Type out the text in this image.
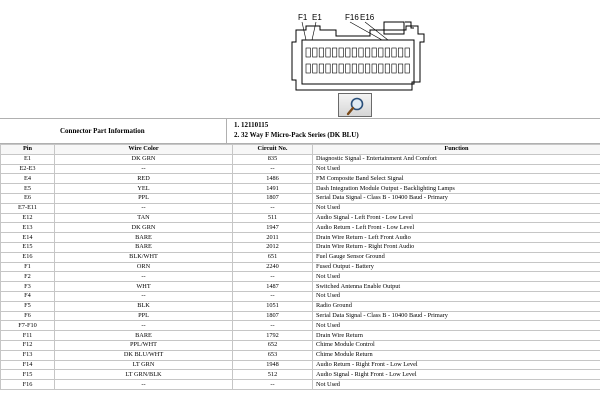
F1 E1	F16 E16
Connector Part Information
1. 12110115
2. 32 Way F Micro-Pack Series (DK BLU)
Pin	Wire Color	Circuit No.	Function
E1	DK GRN	835	Diagnostic Signal - Entertainment And Comfort
E2-E3	--	--	Not Used
E4	RED	1486	FM Composite Band Select Signal
E5	YEL	1491	Dash Integration Module Output - Backlighting Lamps
E6	PPL	1807	Serial Data Signal - Class B - 10400 Baud - Primary
E7-E11	--	--	Not Used
E12	TAN	511	Audio Signal - Left Front - Low Level
E13	DK GRN	1947	Audio Return - Left Front - Low Level
E14	BARE	2011	Drain Wire Return - Left Front Audio
E15	BARE	2012	Drain Wire Return - Right Front Audio
E16	BLK/WHT	651	Fuel Gauge Sensor Ground
F1	ORN	2240	Fused Output - Battery
F2	--	--	Not Used
F3	WHT	1487	Switched Antenna Enable Output
F4	--	--	Not Used
F5	BLK	1051	Radio Ground
F6	PPL	1807	Serial Data Signal - Class B - 10400 Baud - Primary
F7-F10	--	--	Not Used
F11	BARE	1792	Drain Wire Return
F12	PPL/WHT	652	Chime Module Control
F13	DK BLU/WHT	653	Chime Module Return
F14	LT GRN	1948	Audio Return - Right Front - Low Level
F15	LT GRN/BLK	512	Audio Signal - Right Front - Low Level
F16	--	--	Not Used
